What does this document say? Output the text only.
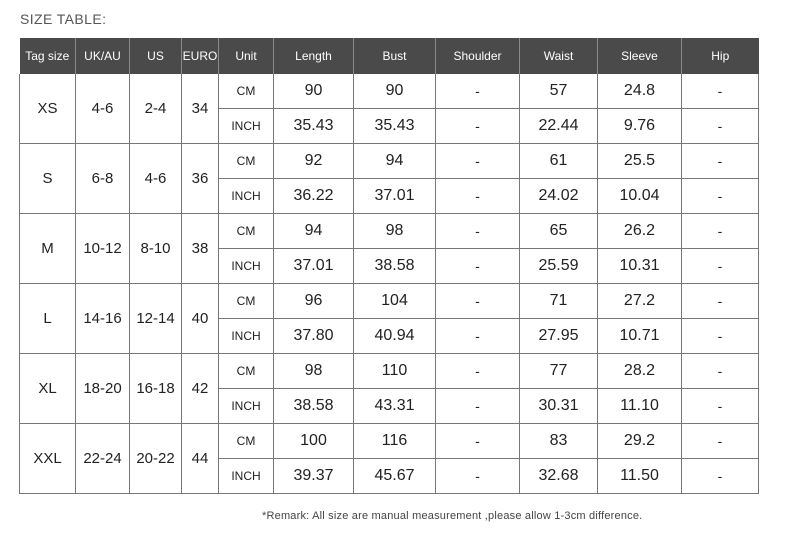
SIZE TABLE:
Tag size	UK/AU	US	EURO	Unit	Length	Bust	Shoulder	Waist	Sleeve	Hip
XS	4-6	2-4	34	CM	90	90	-	57	24.8	-
				INCH	35.43	35.43	-	22.44	9.76	-
S	6-8	4-6	36	CM	92	94	-	61	25.5	-
				INCH	36.22	37.01	-	24.02	10.04	-
M	10-12	8-10	38	CM	94	98	-	65	26.2	-
				INCH	37.01	38.58	-	25.59	10.31	-
L	14-16	12-14	40	CM	96	104	-	71	27.2	-
				INCH	37.80	40.94	-	27.95	10.71	-
XL	18-20	16-18	42	CM	98	110	-	77	28.2	-
				INCH	38.58	43.31	-	30.31	11.10	-
XXL	22-24	20-22	44	CM	100	116	-	83	29.2	-
				INCH	39.37	45.67	-	32.68	11.50	-
*Remark: All size are manual measurement ,please allow 1-3cm difference.
